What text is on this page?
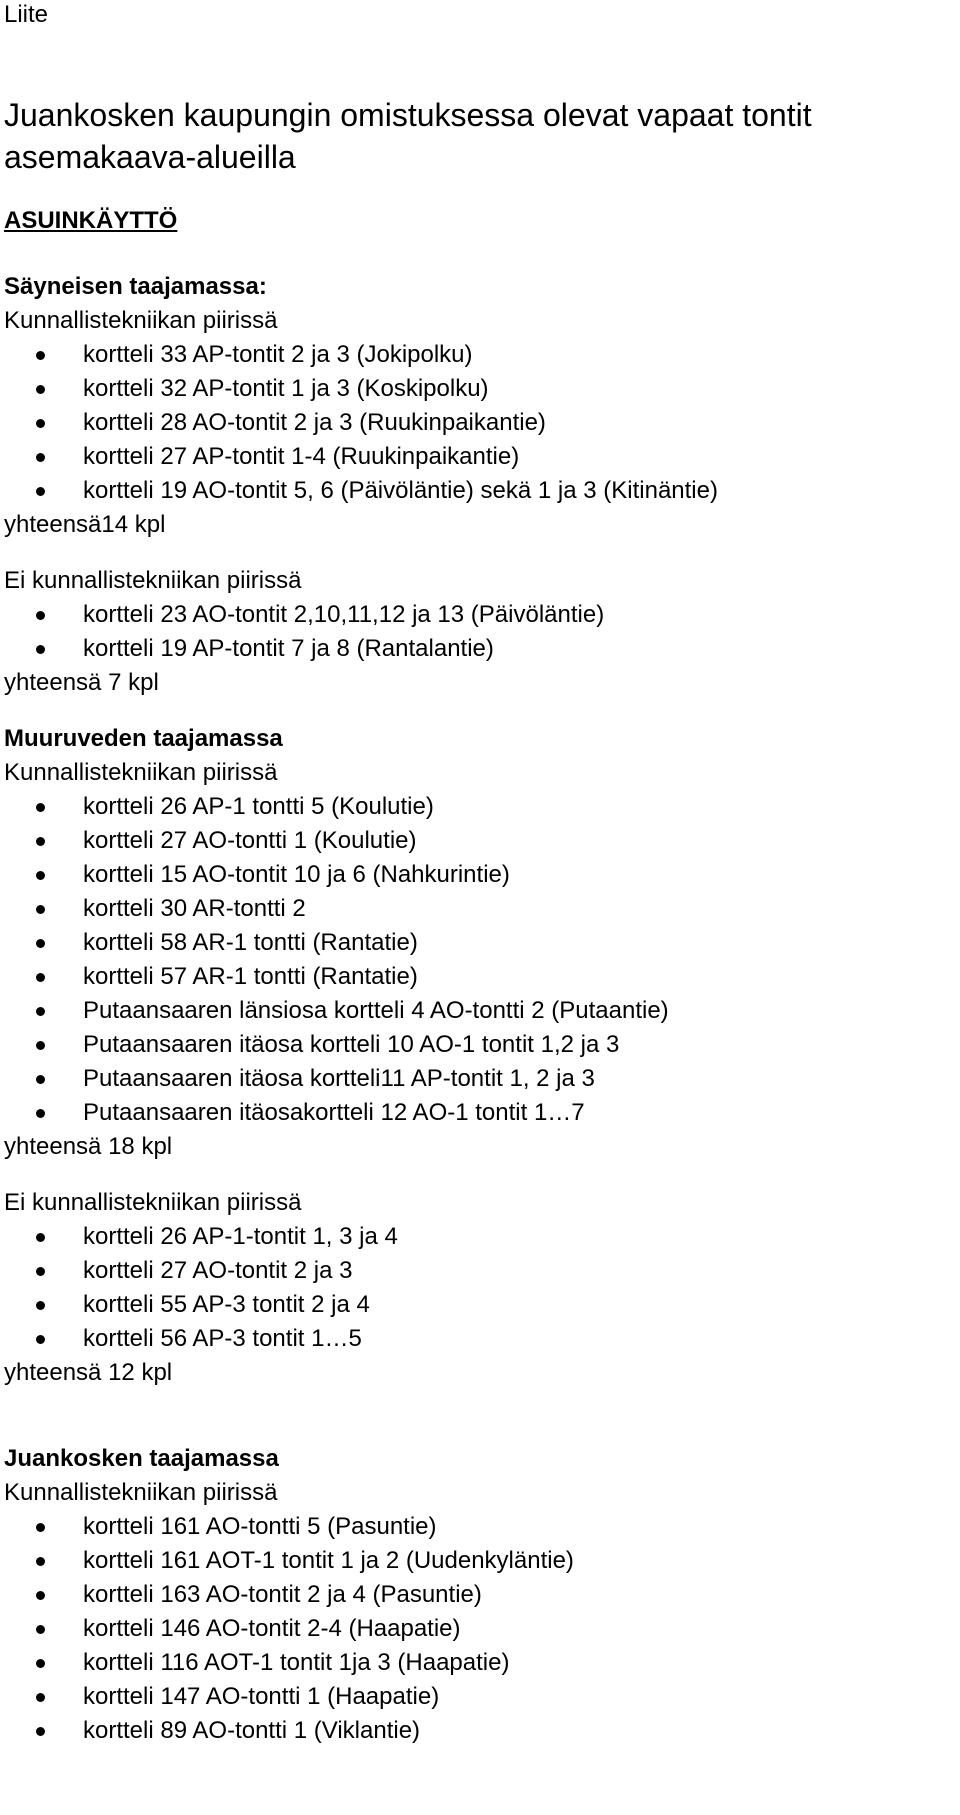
Liite
Juankosken kaupungin omistuksessa olevat vapaat tontit
asemakaava-alueilla
ASUINKÄYTTÖ
Säyneisen taajamassa:
Kunnallistekniikan piirissä
kortteli 33 AP-tontit 2 ja 3 (Jokipolku)
kortteli 32 AP-tontit 1 ja 3 (Koskipolku)
kortteli 28 AO-tontit 2 ja 3 (Ruukinpaikantie)
kortteli 27 AP-tontit 1-4 (Ruukinpaikantie)
kortteli 19 AO-tontit 5, 6 (Päivöläntie) sekä 1 ja 3 (Kitinäntie)
yhteensä14 kpl
Ei kunnallistekniikan piirissä
kortteli 23 AO-tontit 2,10,11,12 ja 13 (Päivöläntie)
kortteli 19 AP-tontit 7 ja 8 (Rantalantie)
yhteensä 7 kpl
Muuruveden taajamassa
Kunnallistekniikan piirissä
kortteli 26 AP-1 tontti 5 (Koulutie)
kortteli 27 AO-tontti 1 (Koulutie)
kortteli 15 AO-tontit 10 ja 6 (Nahkurintie)
kortteli 30 AR-tontti 2
kortteli 58 AR-1 tontti (Rantatie)
kortteli 57 AR-1 tontti (Rantatie)
Putaansaaren länsiosa kortteli 4 AO-tontti 2 (Putaantie)
Putaansaaren itäosa kortteli 10 AO-1 tontit 1,2 ja 3
Putaansaaren itäosa kortteli11 AP-tontit 1, 2 ja 3
Putaansaaren itäosakortteli 12 AO-1 tontit 1…7
yhteensä 18 kpl
Ei kunnallistekniikan piirissä
kortteli 26 AP-1-tontit 1, 3 ja 4
kortteli 27 AO-tontit 2 ja 3
kortteli 55 AP-3 tontit 2 ja 4
kortteli 56 AP-3 tontit 1…5
yhteensä 12 kpl
Juankosken taajamassa
Kunnallistekniikan piirissä
kortteli 161 AO-tontti 5 (Pasuntie)
kortteli 161 AOT-1 tontit 1 ja 2 (Uudenkyläntie)
kortteli 163 AO-tontit 2 ja 4 (Pasuntie)
kortteli 146 AO-tontit 2-4 (Haapatie)
kortteli 116 AOT-1 tontit 1ja 3 (Haapatie)
kortteli 147 AO-tontti 1 (Haapatie)
kortteli 89 AO-tontti 1 (Viklantie)
